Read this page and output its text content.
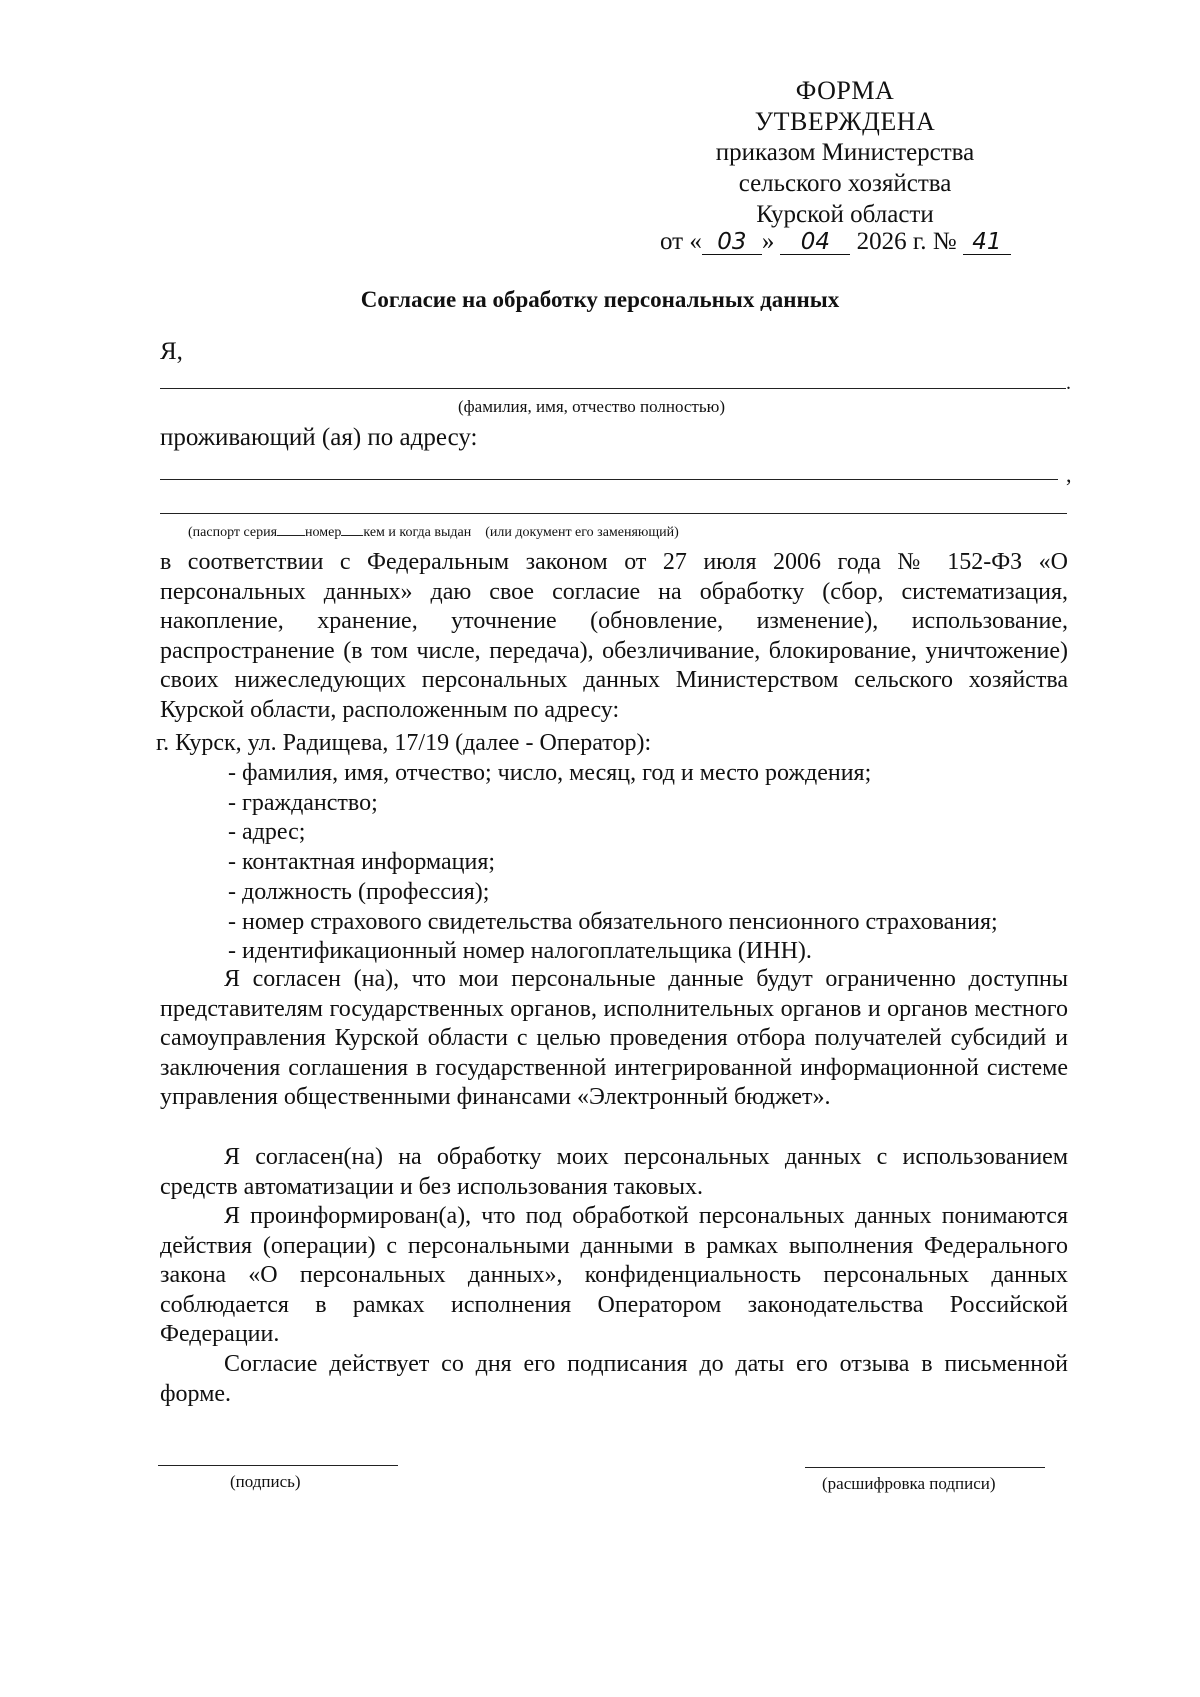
ФОРМА
УТВЕРЖДЕНА
приказом Министерства
сельского хозяйства
Курской области
от « 03 » 04 2026 г. № 41
Согласие на обработку персональных данных
Я,
.
(фамилия, имя, отчество полностью)
проживающий (ая) по адресу:
,
(паспорт серия номер кем и когда выдан (или документ его заменяющий)

в соответствии с Федеральным законом от 27 июля 2006 года № 152-ФЗ «О персональных данных» даю свое согласие на обработку (сбор, систематизация, накопление, хранение, уточнение (обновление, изменение), использование, распространение (в том числе, передача), обезличивание, блокирование, уничтожение) своих нижеследующих персональных данных Министерством сельского хозяйства Курской области, расположенным по адресу:

г. Курск, ул. Радищева, 17/19 (далее - Оператор):
- фамилия, имя, отчество; число, месяц, год и место рождения;
- гражданство;
- адрес;
- контактная информация;
- должность (профессия);
- номер страхового свидетельства обязательного пенсионного страхования;
- идентификационный номер налогоплательщика (ИНН).

Я согласен (на), что мои персональные данные будут ограниченно доступны представителям государственных органов, исполнительных органов и органов местного самоуправления Курской области с целью проведения отбора получателей субсидий и заключения соглашения в государственной интегрированной информационной системе управления общественными финансами «Электронный бюджет».

Я согласен(на) на обработку моих персональных данных с использованием средств автоматизации и без использования таковых.

Я проинформирован(а), что под обработкой персональных данных понимаются действия (операции) с персональными данными в рамках выполнения Федерального закона «О персональных данных», конфиденциальность персональных данных соблюдается в рамках исполнения Оператором законодательства Российской Федерации.

Согласие действует со дня его подписания до даты его отзыва в письменной форме.

(подпись)	(расшифровка подписи)
